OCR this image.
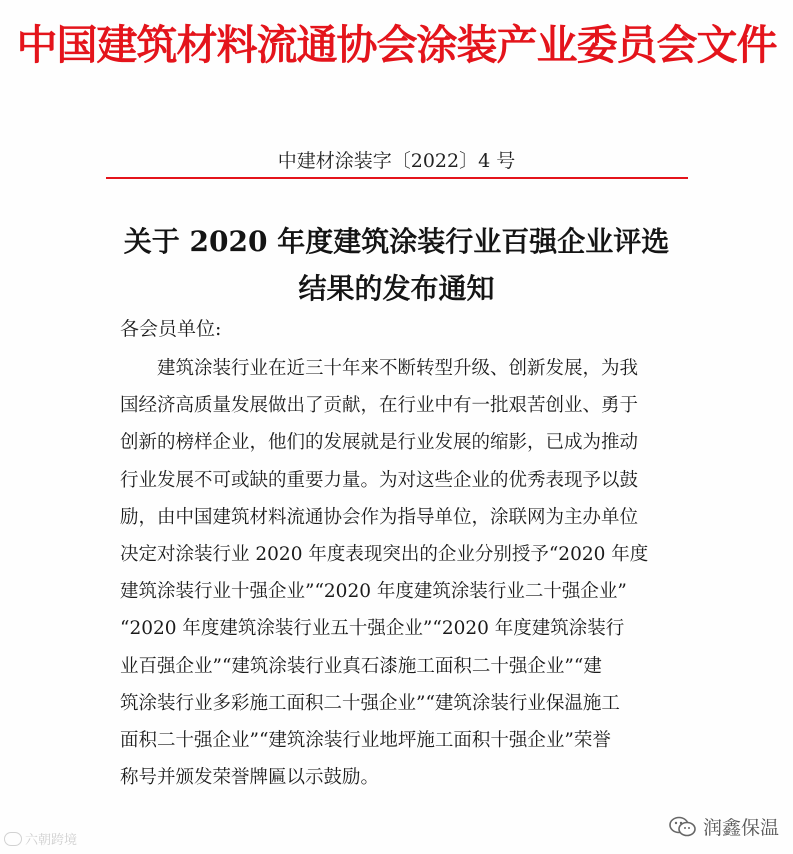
中国建筑材料流通协会涂装产业委员会文件
中建材涂装字〔2022〕4 号
关于 2020 年度建筑涂装行业百强企业评选
结果的发布通知
各会员单位:
　　建筑涂装行业在近三十年来不断转型升级、创新发展，为我
国经济高质量发展做出了贡献，在行业中有一批艰苦创业、勇于
创新的榜样企业，他们的发展就是行业发展的缩影，已成为推动
行业发展不可或缺的重要力量。为对这些企业的优秀表现予以鼓
励，由中国建筑材料流通协会作为指导单位，涂联网为主办单位
决定对涂装行业 2020 年度表现突出的企业分别授予“2020 年度
建筑涂装行业十强企业”“2020 年度建筑涂装行业二十强企业”
“2020 年度建筑涂装行业五十强企业”“2020 年度建筑涂装行
业百强企业”“建筑涂装行业真石漆施工面积二十强企业”“建
筑涂装行业多彩施工面积二十强企业”“建筑涂装行业保温施工
面积二十强企业”“建筑涂装行业地坪施工面积十强企业”荣誉
称号并颁发荣誉牌匾以示鼓励。
六朝跨境
润鑫保温
